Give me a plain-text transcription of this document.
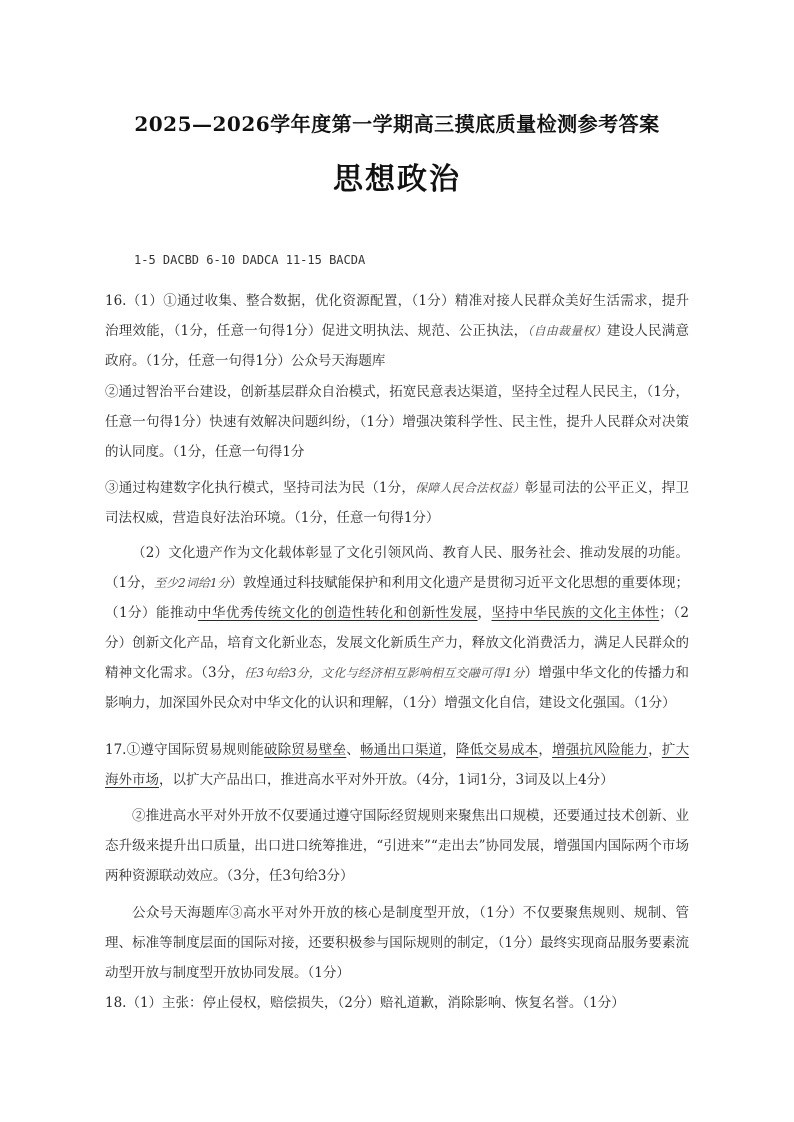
2025—2026学年度第一学期高三摸底质量检测参考答案
思想政治
1-5 DACBD 6-10 DADCA 11-15 BACDA
16.（1）①通过收集、整合数据，优化资源配置，（1分）精准对接人民群众美好生活需求，提升治理效能，（1分，任意一句得1分）促进文明执法、规范、公正执法，（自由裁量权）建设人民满意政府。（1分，任意一句得1分）公众号天海题库
②通过智治平台建设，创新基层群众自治模式，拓宽民意表达渠道，坚持全过程人民民主，（1分，任意一句得1分）快速有效解决问题纠纷，（1分）增强决策科学性、民主性，提升人民群众对决策的认同度。（1分，任意一句得1分
③通过构建数字化执行模式，坚持司法为民（1分，保障人民合法权益）彰显司法的公平正义，捍卫司法权威，营造良好法治环境。（1分，任意一句得1分）
（2）文化遗产作为文化载体彰显了文化引领风尚、教育人民、服务社会、推动发展的功能。（1分，至少2词给1分）敦煌通过科技赋能保护和利用文化遗产是贯彻习近平文化思想的重要体现；（1分）能推动中华优秀传统文化的创造性转化和创新性发展，坚持中华民族的文化主体性；（2分）创新文化产品，培育文化新业态，发展文化新质生产力，释放文化消费活力，满足人民群众的精神文化需求。（3分，任3句给3分，文化与经济相互影响相互交融可得1分）增强中华文化的传播力和影响力，加深国外民众对中华文化的认识和理解，（1分）增强文化自信，建设文化强国。（1分）
17.①遵守国际贸易规则能破除贸易壁垒、畅通出口渠道，降低交易成本，增强抗风险能力，扩大海外市场，以扩大产品出口，推进高水平对外开放。（4分，1词1分，3词及以上4分）
②推进高水平对外开放不仅要通过遵守国际经贸规则来聚焦出口规模，还要通过技术创新、业态升级来提升出口质量，出口进口统筹推进，“引进来”“走出去”协同发展，增强国内国际两个市场两种资源联动效应。（3分，任3句给3分）
公众号天海题库③高水平对外开放的核心是制度型开放，（1分）不仅要聚焦规则、规制、管理、标准等制度层面的国际对接，还要积极参与国际规则的制定，（1分）最终实现商品服务要素流动型开放与制度型开放协同发展。（1分）
18.（1）主张：停止侵权，赔偿损失，（2分）赔礼道歉，消除影响、恢复名誉。（1分）
